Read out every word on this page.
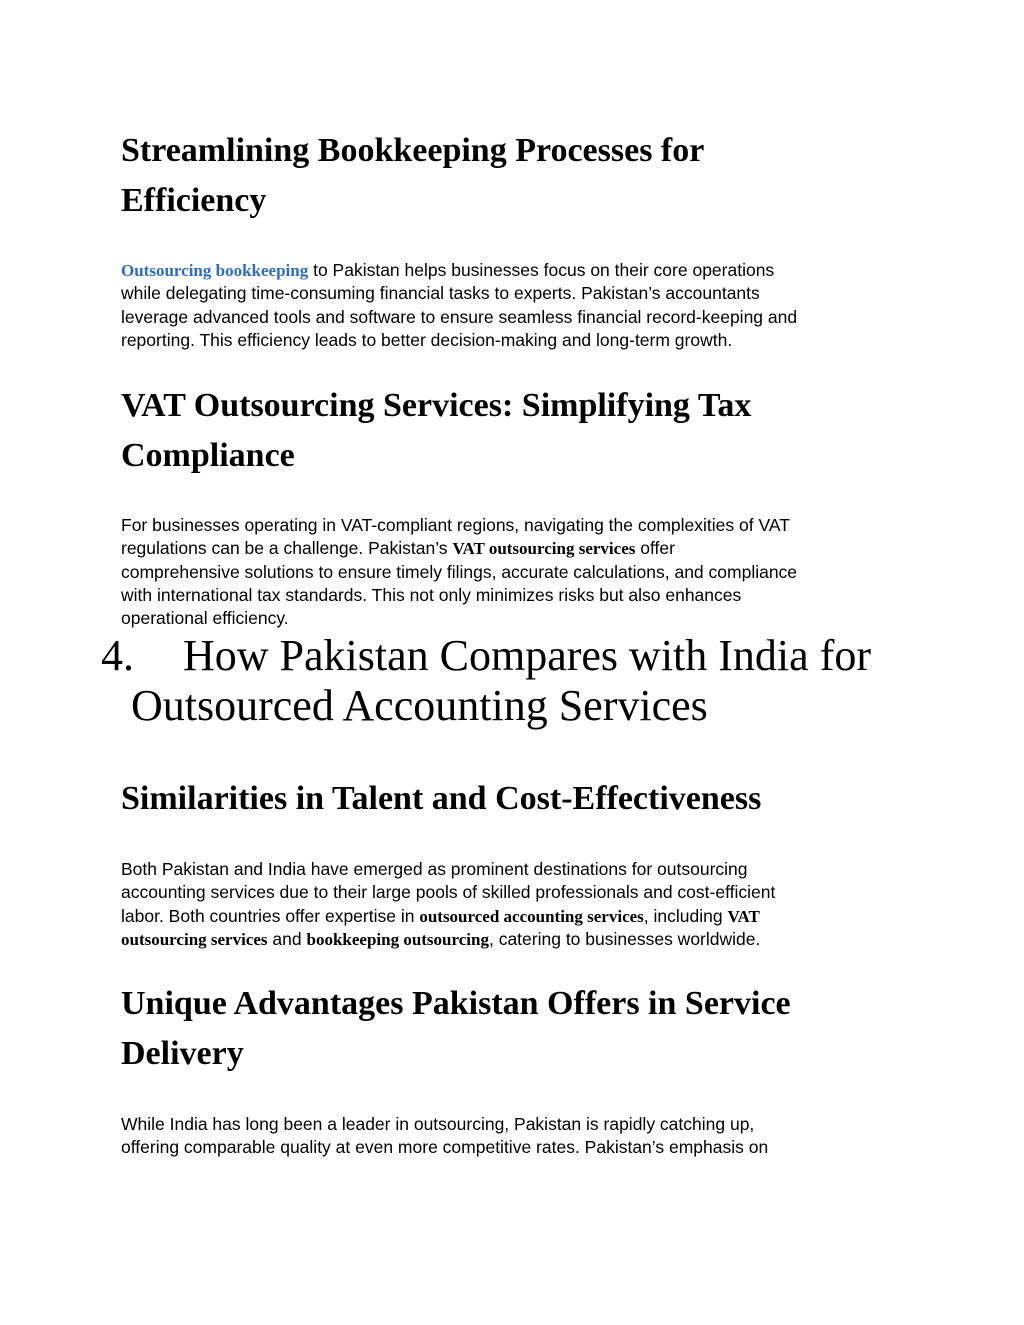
Streamlining Bookkeeping Processes for
Efficiency
Outsourcing bookkeeping to Pakistan helps businesses focus on their core operations
while delegating time-consuming financial tasks to experts. Pakistan’s accountants
leverage advanced tools and software to ensure seamless financial record-keeping and
reporting. This efficiency leads to better decision-making and long-term growth.
VAT Outsourcing Services: Simplifying Tax
Compliance
For businesses operating in VAT-compliant regions, navigating the complexities of VAT
regulations can be a challenge. Pakistan’s VAT outsourcing services offer
comprehensive solutions to ensure timely filings, accurate calculations, and compliance
with international tax standards. This not only minimizes risks but also enhances
operational efficiency.
4. How Pakistan Compares with India for
Outsourced Accounting Services
Similarities in Talent and Cost-Effectiveness
Both Pakistan and India have emerged as prominent destinations for outsourcing
accounting services due to their large pools of skilled professionals and cost-efficient
labor. Both countries offer expertise in outsourced accounting services, including VAT
outsourcing services and bookkeeping outsourcing, catering to businesses worldwide.
Unique Advantages Pakistan Offers in Service
Delivery
While India has long been a leader in outsourcing, Pakistan is rapidly catching up,
offering comparable quality at even more competitive rates. Pakistan’s emphasis on
